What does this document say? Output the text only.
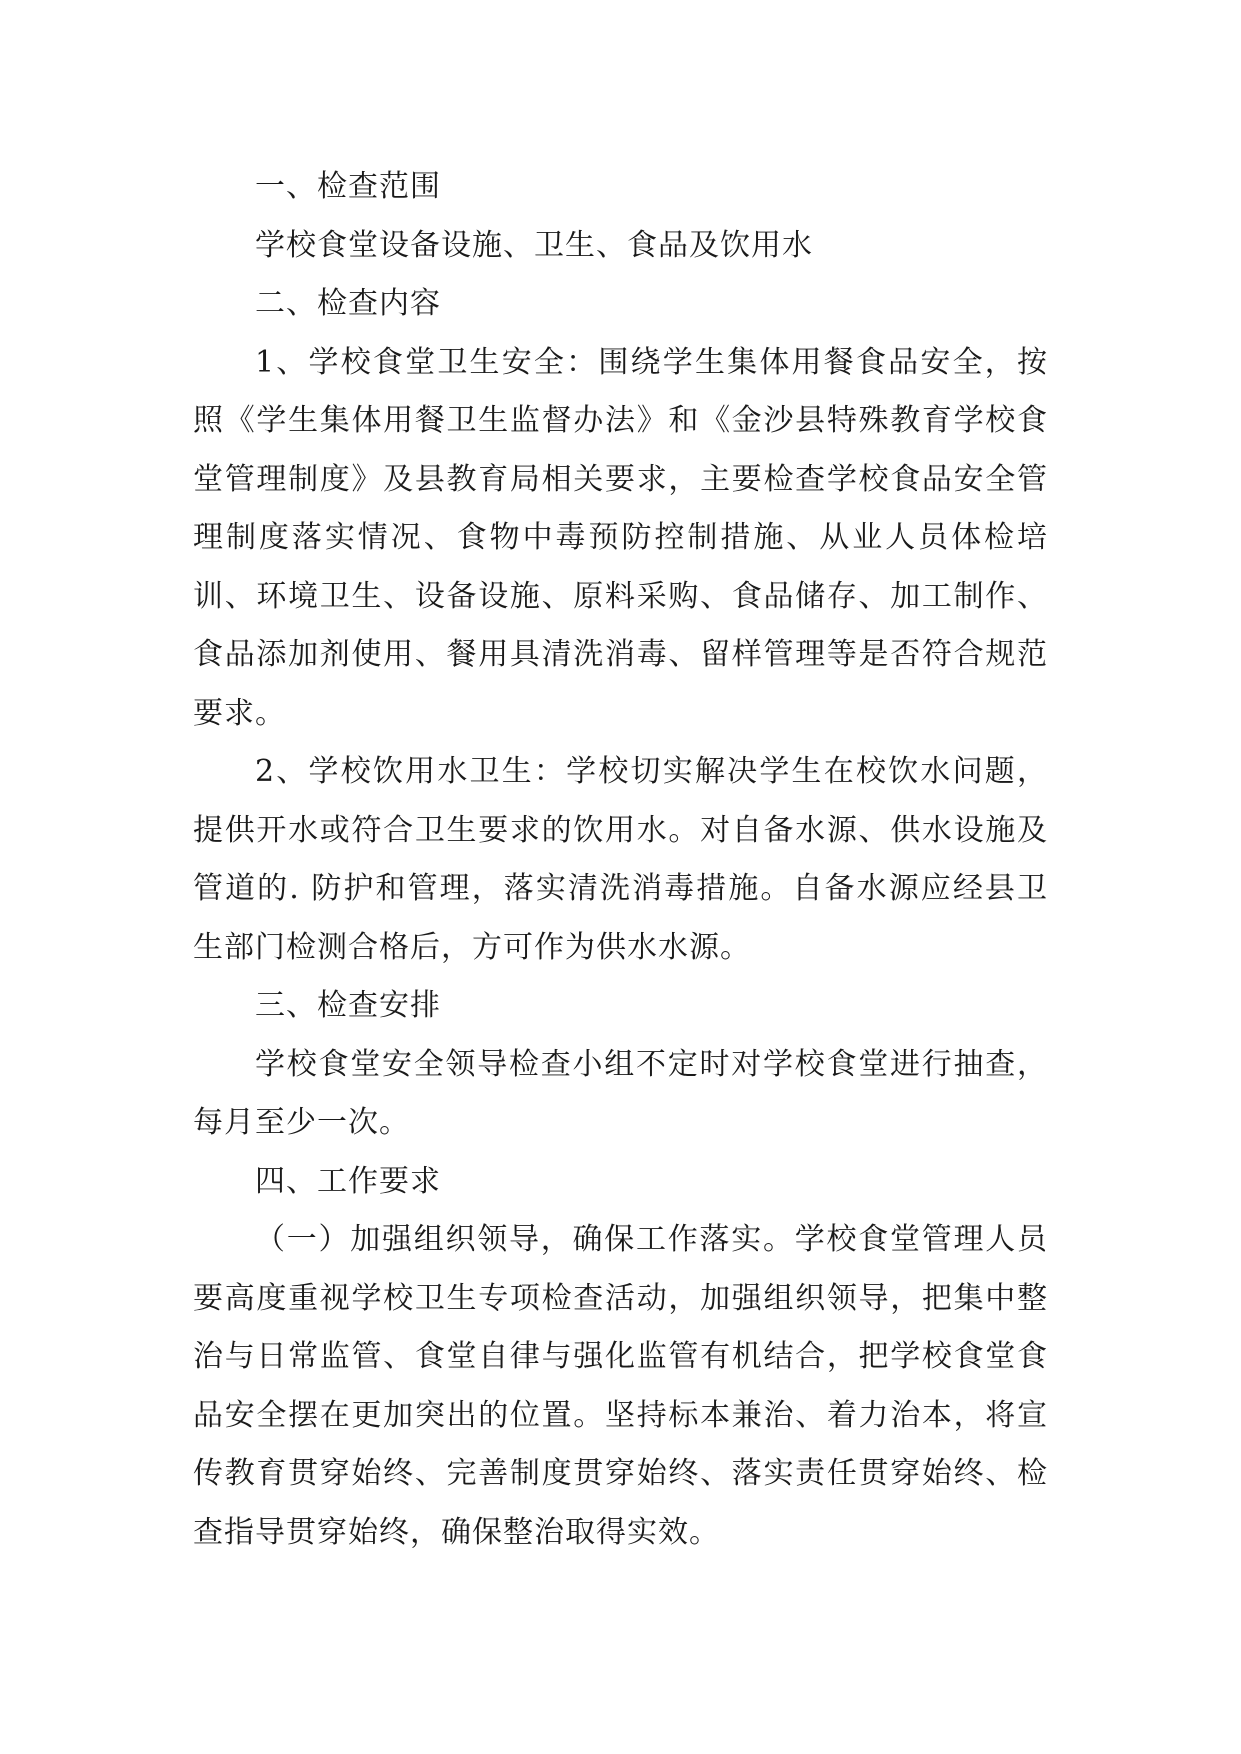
一、检查范围

学校食堂设备设施、卫生、食品及饮用水

二、检查内容

1、学校食堂卫生安全：围绕学生集体用餐食品安全，按照《学生集体用餐卫生监督办法》和《金沙县特殊教育学校食堂管理制度》及县教育局相关要求，主要检查学校食品安全管理制度落实情况、食物中毒预防控制措施、从业人员体检培训、环境卫生、设备设施、原料采购、食品储存、加工制作、食品添加剂使用、餐用具清洗消毒、留样管理等是否符合规范要求。

2、学校饮用水卫生：学校切实解决学生在校饮水问题，提供开水或符合卫生要求的饮用水。对自备水源、供水设施及管道的. 防护和管理，落实清洗消毒措施。自备水源应经县卫生部门检测合格后，方可作为供水水源。

三、检查安排

学校食堂安全领导检查小组不定时对学校食堂进行抽查，每月至少一次。

四、工作要求

（一）加强组织领导，确保工作落实。学校食堂管理人员要高度重视学校卫生专项检查活动，加强组织领导，把集中整治与日常监管、食堂自律与强化监管有机结合，把学校食堂食品安全摆在更加突出的位置。坚持标本兼治、着力治本，将宣传教育贯穿始终、完善制度贯穿始终、落实责任贯穿始终、检查指导贯穿始终，确保整治取得实效。
